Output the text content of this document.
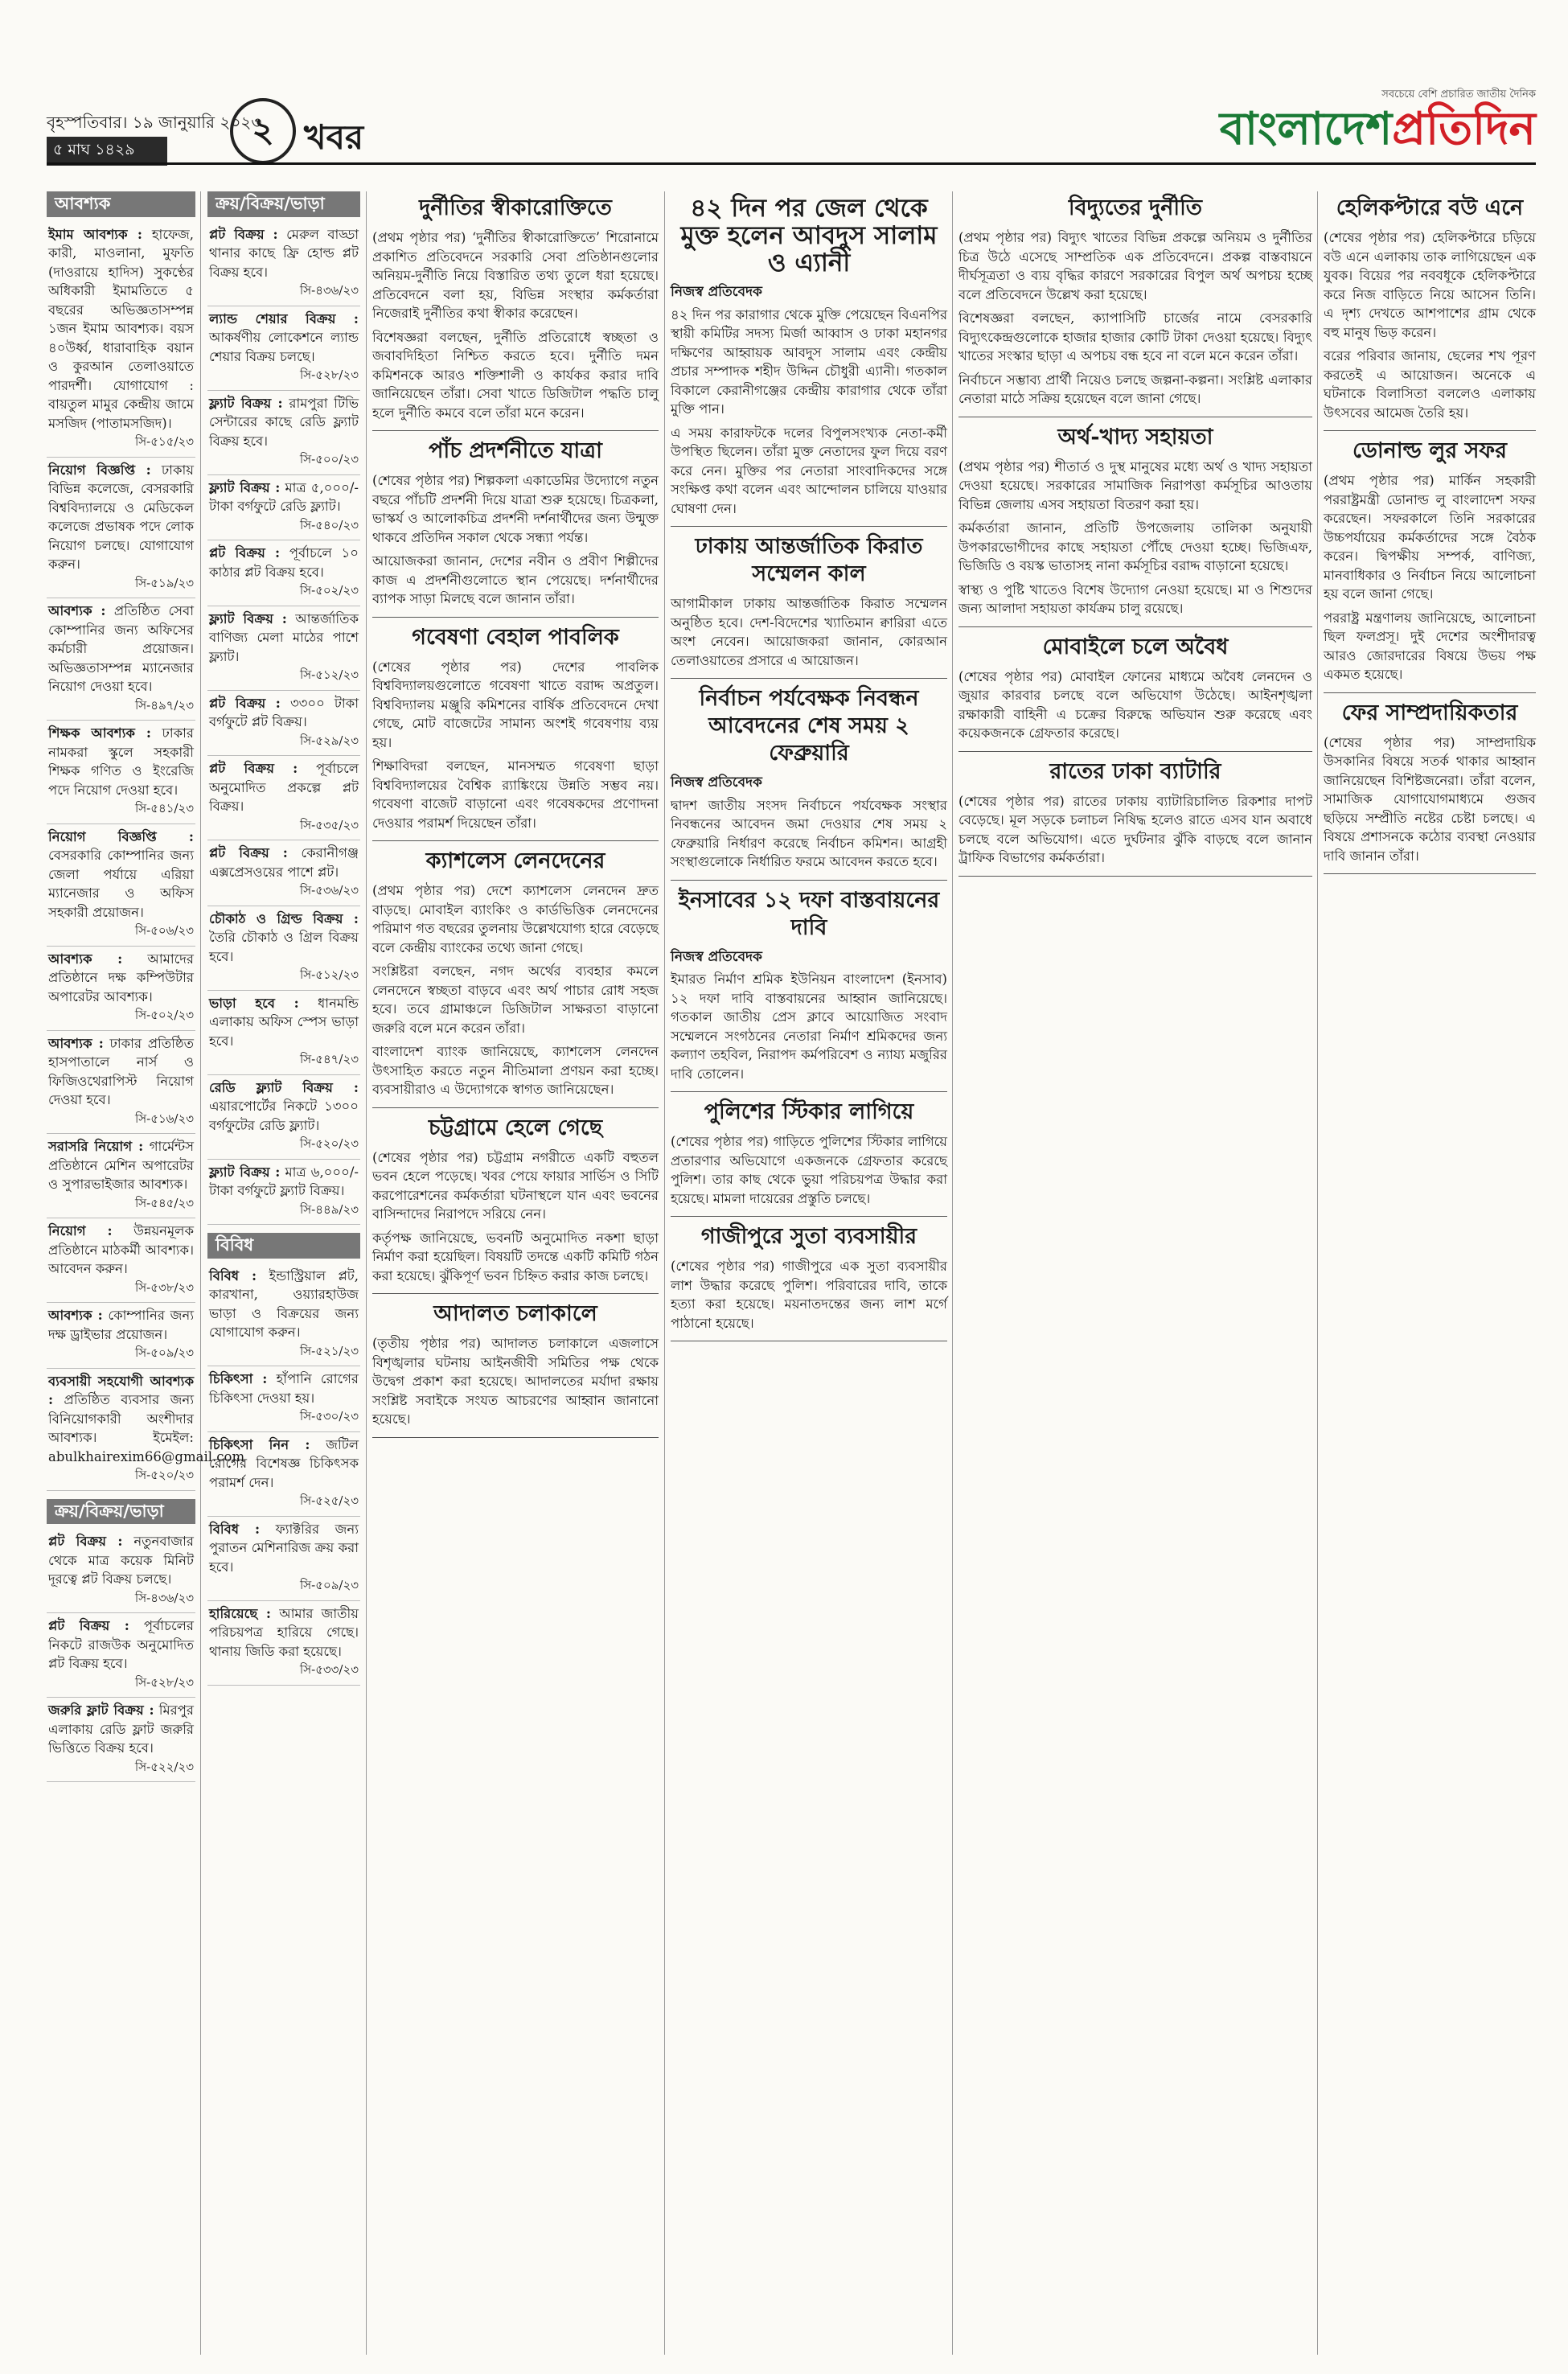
বৃহস্পতিবার। ১৯ জানুয়ারি ২০২৩
৫ মাঘ ১৪২৯	২ খবর
সবচেয়ে বেশি প্রচারিত জাতীয় দৈনিক
বাংলাদেশপ্রতিদিন
আবশ্যক

ইমাম আবশ্যক : হাফেজ, কারী, মাওলানা, মুফতি (দাওরায়ে হাদিস) সুকণ্ঠের অধিকারী ইমামতিতে ৫ বছরের অভিজ্ঞতাসম্পন্ন ১জন ইমাম আবশ্যক। বয়স ৪০উর্ধ্ব, ধারাবাহিক বয়ান ও কুরআন তেলাওয়াতে পারদর্শী। যোগাযোগ : বায়তুল মামুর কেন্দ্রীয় জামে মসজিদ (পাতামসজিদ)।
সি-৫১৫/২৩

নিয়োগ বিজ্ঞপ্তি : ঢাকায় বিভিন্ন কলেজে, বেসরকারি বিশ্ববিদ্যালয়ে ও মেডিকেল কলেজে প্রভাষক পদে লোক নিয়োগ চলছে। যোগাযোগ করুন।
সি-৫১৯/২৩

আবশ্যক : প্রতিষ্ঠিত সেবা কোম্পানির জন্য অফিসের কর্মচারী প্রয়োজন। অভিজ্ঞতাসম্পন্ন ম্যানেজার নিয়োগ দেওয়া হবে।
সি-৪৯৭/২৩

শিক্ষক আবশ্যক : ঢাকার নামকরা স্কুলে সহকারী শিক্ষক গণিত ও ইংরেজি পদে নিয়োগ দেওয়া হবে।
সি-৫৪১/২৩

নিয়োগ বিজ্ঞপ্তি : বেসরকারি কোম্পানির জন্য জেলা পর্যায়ে এরিয়া ম্যানেজার ও অফিস সহকারী প্রয়োজন।
সি-৫০৬/২৩

আবশ্যক : আমাদের প্রতিষ্ঠানে দক্ষ কম্পিউটার অপারেটর আবশ্যক।
সি-৫০২/২৩

আবশ্যক : ঢাকার প্রতিষ্ঠিত হাসপাতালে নার্স ও ফিজিওথেরাপিস্ট নিয়োগ দেওয়া হবে।
সি-৫১৬/২৩

সরাসরি নিয়োগ : গার্মেন্টস প্রতিষ্ঠানে মেশিন অপারেটর ও সুপারভাইজার আবশ্যক।
সি-৫৪৫/২৩

নিয়োগ : উন্নয়নমূলক প্রতিষ্ঠানে মাঠকর্মী আবশ্যক। আবেদন করুন।
সি-৫৩৮/২৩

আবশ্যক : কোম্পানির জন্য দক্ষ ড্রাইভার প্রয়োজন।
সি-৫০৯/২৩

ব্যবসায়ী সহযোগী আবশ্যক : প্রতিষ্ঠিত ব্যবসার জন্য বিনিয়োগকারী অংশীদার আবশ্যক। ইমেইল: abulkhairexim66@gmail.com
সি-৫২০/২৩

ক্রয়/বিক্রয়/ভাড়া

প্লট বিক্রয় : নতুনবাজার থেকে মাত্র কয়েক মিনিট দূরত্বে প্লট বিক্রয় চলছে।
সি-৪৩৬/২৩

প্লট বিক্রয় : পূর্বাচলের নিকটে রাজউক অনুমোদিত প্লট বিক্রয় হবে।
সি-৫২৮/২৩

জরুরি ফ্লাট বিক্রয় : মিরপুর এলাকায় রেডি ফ্লাট জরুরি ভিত্তিতে বিক্রয় হবে।
সি-৫২২/২৩

ক্রয়/বিক্রয়/ভাড়া

প্লট বিক্রয় : মেরুল বাড্ডা থানার কাছে ফ্রি হোল্ড প্লট বিক্রয় হবে।
সি-৪৩৬/২৩

ল্যান্ড শেয়ার বিক্রয় : আকর্ষণীয় লোকেশনে ল্যান্ড শেয়ার বিক্রয় চলছে।
সি-৫২৮/২৩

ফ্ল্যাট বিক্রয় : রামপুরা টিভি সেন্টারের কাছে রেডি ফ্ল্যাট বিক্রয় হবে।
সি-৫০০/২৩

ফ্ল্যাট বিক্রয় : মাত্র ৫,০০০/- টাকা বর্গফুটে রেডি ফ্ল্যাট।
সি-৫৪০/২৩

প্লট বিক্রয় : পূর্বাচলে ১০ কাঠার প্লট বিক্রয় হবে।
সি-৫০২/২৩

ফ্ল্যাট বিক্রয় : আন্তর্জাতিক বাণিজ্য মেলা মাঠের পাশে ফ্ল্যাট।
সি-৫১২/২৩

প্লট বিক্রয় : ৩৩০০ টাকা বর্গফুটে প্লট বিক্রয়।
সি-৫২৯/২৩

প্লট বিক্রয় : পূর্বাচলে অনুমোদিত প্রকল্পে প্লট বিক্রয়।
সি-৫৩৫/২৩

প্লট বিক্রয় : কেরানীগঞ্জ এক্সপ্রেসওয়ের পাশে প্লট।
সি-৫৩৬/২৩

চৌকাঠ ও গ্রিল্ড বিক্রয় : তৈরি চৌকাঠ ও গ্রিল বিক্রয় হবে।
সি-৫১২/২৩

ভাড়া হবে : ধানমন্ডি এলাকায় অফিস স্পেস ভাড়া হবে।
সি-৫৪৭/২৩

রেডি ফ্ল্যাট বিক্রয় : এয়ারপোর্টের নিকটে ১৩০০ বর্গফুটের রেডি ফ্ল্যাট।
সি-৫২০/২৩

ফ্ল্যাট বিক্রয় : মাত্র ৬,০০০/- টাকা বর্গফুটে ফ্ল্যাট বিক্রয়।
সি-৪৪৯/২৩

বিবিধ

বিবিধ : ইন্ডাস্ট্রিয়াল প্লট, কারখানা, ওয়্যারহাউজ ভাড়া ও বিক্রয়ের জন্য যোগাযোগ করুন।
সি-৫২১/২৩

চিকিৎসা : হাঁপানি রোগের চিকিৎসা দেওয়া হয়।
সি-৫৩০/২৩

চিকিৎসা নিন : জটিল রোগের বিশেষজ্ঞ চিকিৎসক পরামর্শ দেন।
সি-৫২৫/২৩

বিবিধ : ফ্যাক্টরির জন্য পুরাতন মেশিনারিজ ক্রয় করা হবে।
সি-৫০৯/২৩

হারিয়েছে : আমার জাতীয় পরিচয়পত্র হারিয়ে গেছে। থানায় জিডি করা হয়েছে।
সি-৫৩৩/২৩

দুর্নীতির স্বীকারোক্তিতে

(প্রথম পৃষ্ঠার পর) ‘দুর্নীতির স্বীকারোক্তিতে’ শিরোনামে প্রকাশিত প্রতিবেদনে সরকারি সেবা প্রতিষ্ঠানগুলোর অনিয়ম-দুর্নীতি নিয়ে বিস্তারিত তথ্য তুলে ধরা হয়েছে। প্রতিবেদনে বলা হয়, বিভিন্ন সংস্থার কর্মকর্তারা নিজেরাই দুর্নীতির কথা স্বীকার করেছেন।

বিশেষজ্ঞরা বলছেন, দুর্নীতি প্রতিরোধে স্বচ্ছতা ও জবাবদিহিতা নিশ্চিত করতে হবে। দুর্নীতি দমন কমিশনকে আরও শক্তিশালী ও কার্যকর করার দাবি জানিয়েছেন তাঁরা। সেবা খাতে ডিজিটাল পদ্ধতি চালু হলে দুর্নীতি কমবে বলে তাঁরা মনে করেন।

পাঁচ প্রদর্শনীতে যাত্রা

(শেষের পৃষ্ঠার পর) শিল্পকলা একাডেমির উদ্যোগে নতুন বছরে পাঁচটি প্রদর্শনী দিয়ে যাত্রা শুরু হয়েছে। চিত্রকলা, ভাস্কর্য ও আলোকচিত্র প্রদর্শনী দর্শনার্থীদের জন্য উন্মুক্ত থাকবে প্রতিদিন সকাল থেকে সন্ধ্যা পর্যন্ত।

আয়োজকরা জানান, দেশের নবীন ও প্রবীণ শিল্পীদের কাজ এ প্রদর্শনীগুলোতে স্থান পেয়েছে। দর্শনার্থীদের ব্যাপক সাড়া মিলছে বলে জানান তাঁরা।

গবেষণা বেহাল পাবলিক

(শেষের পৃষ্ঠার পর) দেশের পাবলিক বিশ্ববিদ্যালয়গুলোতে গবেষণা খাতে বরাদ্দ অপ্রতুল। বিশ্ববিদ্যালয় মঞ্জুরি কমিশনের বার্ষিক প্রতিবেদনে দেখা গেছে, মোট বাজেটের সামান্য অংশই গবেষণায় ব্যয় হয়।

শিক্ষাবিদরা বলছেন, মানসম্মত গবেষণা ছাড়া বিশ্ববিদ্যালয়ের বৈশ্বিক র‍্যাঙ্কিংয়ে উন্নতি সম্ভব নয়। গবেষণা বাজেট বাড়ানো এবং গবেষকদের প্রণোদনা দেওয়ার পরামর্শ দিয়েছেন তাঁরা।

ক্যাশলেস লেনদেনের

(প্রথম পৃষ্ঠার পর) দেশে ক্যাশলেস লেনদেন দ্রুত বাড়ছে। মোবাইল ব্যাংকিং ও কার্ডভিত্তিক লেনদেনের পরিমাণ গত বছরের তুলনায় উল্লেখযোগ্য হারে বেড়েছে বলে কেন্দ্রীয় ব্যাংকের তথ্যে জানা গেছে।

সংশ্লিষ্টরা বলছেন, নগদ অর্থের ব্যবহার কমলে লেনদেনে স্বচ্ছতা বাড়বে এবং অর্থ পাচার রোধ সহজ হবে। তবে গ্রামাঞ্চলে ডিজিটাল সাক্ষরতা বাড়ানো জরুরি বলে মনে করেন তাঁরা।

বাংলাদেশ ব্যাংক জানিয়েছে, ক্যাশলেস লেনদেন উৎসাহিত করতে নতুন নীতিমালা প্রণয়ন করা হচ্ছে। ব্যবসায়ীরাও এ উদ্যোগকে স্বাগত জানিয়েছেন।

চট্টগ্রামে হেলে গেছে

(শেষের পৃষ্ঠার পর) চট্টগ্রাম নগরীতে একটি বহুতল ভবন হেলে পড়েছে। খবর পেয়ে ফায়ার সার্ভিস ও সিটি করপোরেশনের কর্মকর্তারা ঘটনাস্থলে যান এবং ভবনের বাসিন্দাদের নিরাপদে সরিয়ে নেন।

কর্তৃপক্ষ জানিয়েছে, ভবনটি অনুমোদিত নকশা ছাড়া নির্মাণ করা হয়েছিল। বিষয়টি তদন্তে একটি কমিটি গঠন করা হয়েছে। ঝুঁকিপূর্ণ ভবন চিহ্নিত করার কাজ চলছে।

আদালত চলাকালে

(তৃতীয় পৃষ্ঠার পর) আদালত চলাকালে এজলাসে বিশৃঙ্খলার ঘটনায় আইনজীবী সমিতির পক্ষ থেকে উদ্বেগ প্রকাশ করা হয়েছে। আদালতের মর্যাদা রক্ষায় সংশ্লিষ্ট সবাইকে সংযত আচরণের আহ্বান জানানো হয়েছে।

৪২ দিন পর জেল থেকে মুক্ত হলেন আবদুস সালাম ও এ্যানী
নিজস্ব প্রতিবেদক

৪২ দিন পর কারাগার থেকে মুক্তি পেয়েছেন বিএনপির স্থায়ী কমিটির সদস্য মির্জা আব্বাস ও ঢাকা মহানগর দক্ষিণের আহ্বায়ক আবদুস সালাম এবং কেন্দ্রীয় প্রচার সম্পাদক শহীদ উদ্দিন চৌধুরী এ্যানী। গতকাল বিকালে কেরানীগঞ্জের কেন্দ্রীয় কারাগার থেকে তাঁরা মুক্তি পান।

এ সময় কারাফটকে দলের বিপুলসংখ্যক নেতা-কর্মী উপস্থিত ছিলেন। তাঁরা মুক্ত নেতাদের ফুল দিয়ে বরণ করে নেন। মুক্তির পর নেতারা সাংবাদিকদের সঙ্গে সংক্ষিপ্ত কথা বলেন এবং আন্দোলন চালিয়ে যাওয়ার ঘোষণা দেন।

ঢাকায় আন্তর্জাতিক কিরাত সম্মেলন কাল

আগামীকাল ঢাকায় আন্তর্জাতিক কিরাত সম্মেলন অনুষ্ঠিত হবে। দেশ-বিদেশের খ্যাতিমান ক্বারিরা এতে অংশ নেবেন। আয়োজকরা জানান, কোরআন তেলাওয়াতের প্রসারে এ আয়োজন।

নির্বাচন পর্যবেক্ষক নিবন্ধন আবেদনের শেষ সময় ২ ফেব্রুয়ারি
নিজস্ব প্রতিবেদক

দ্বাদশ জাতীয় সংসদ নির্বাচনে পর্যবেক্ষক সংস্থার নিবন্ধনের আবেদন জমা দেওয়ার শেষ সময় ২ ফেব্রুয়ারি নির্ধারণ করেছে নির্বাচন কমিশন। আগ্রহী সংস্থাগুলোকে নির্ধারিত ফরমে আবেদন করতে হবে।

ইনসাবের ১২ দফা বাস্তবায়নের দাবি
নিজস্ব প্রতিবেদক

ইমারত নির্মাণ শ্রমিক ইউনিয়ন বাংলাদেশ (ইনসাব) ১২ দফা দাবি বাস্তবায়নের আহ্বান জানিয়েছে। গতকাল জাতীয় প্রেস ক্লাবে আয়োজিত সংবাদ সম্মেলনে সংগঠনের নেতারা নির্মাণ শ্রমিকদের জন্য কল্যাণ তহবিল, নিরাপদ কর্মপরিবেশ ও ন্যায্য মজুরির দাবি তোলেন।

পুলিশের স্টিকার লাগিয়ে

(শেষের পৃষ্ঠার পর) গাড়িতে পুলিশের স্টিকার লাগিয়ে প্রতারণার অভিযোগে একজনকে গ্রেফতার করেছে পুলিশ। তার কাছ থেকে ভুয়া পরিচয়পত্র উদ্ধার করা হয়েছে। মামলা দায়েরের প্রস্তুতি চলছে।

গাজীপুরে সুতা ব্যবসায়ীর

(শেষের পৃষ্ঠার পর) গাজীপুরে এক সুতা ব্যবসায়ীর লাশ উদ্ধার করেছে পুলিশ। পরিবারের দাবি, তাকে হত্যা করা হয়েছে। ময়নাতদন্তের জন্য লাশ মর্গে পাঠানো হয়েছে।

বিদ্যুতের দুর্নীতি

(প্রথম পৃষ্ঠার পর) বিদ্যুৎ খাতের বিভিন্ন প্রকল্পে অনিয়ম ও দুর্নীতির চিত্র উঠে এসেছে সাম্প্রতিক এক প্রতিবেদনে। প্রকল্প বাস্তবায়নে দীর্ঘসূত্রতা ও ব্যয় বৃদ্ধির কারণে সরকারের বিপুল অর্থ অপচয় হচ্ছে বলে প্রতিবেদনে উল্লেখ করা হয়েছে।

বিশেষজ্ঞরা বলছেন, ক্যাপাসিটি চার্জের নামে বেসরকারি বিদ্যুৎকেন্দ্রগুলোকে হাজার হাজার কোটি টাকা দেওয়া হয়েছে। বিদ্যুৎ খাতের সংস্কার ছাড়া এ অপচয় বন্ধ হবে না বলে মনে করেন তাঁরা।

নির্বাচনে সম্ভাব্য প্রার্থী নিয়েও চলছে জল্পনা-কল্পনা। সংশ্লিষ্ট এলাকার নেতারা মাঠে সক্রিয় হয়েছেন বলে জানা গেছে।

অর্থ-খাদ্য সহায়তা

(প্রথম পৃষ্ঠার পর) শীতার্ত ও দুস্থ মানুষের মধ্যে অর্থ ও খাদ্য সহায়তা দেওয়া হয়েছে। সরকারের সামাজিক নিরাপত্তা কর্মসূচির আওতায় বিভিন্ন জেলায় এসব সহায়তা বিতরণ করা হয়।

কর্মকর্তারা জানান, প্রতিটি উপজেলায় তালিকা অনুযায়ী উপকারভোগীদের কাছে সহায়তা পৌঁছে দেওয়া হচ্ছে। ভিজিএফ, ভিজিডি ও বয়স্ক ভাতাসহ নানা কর্মসূচির বরাদ্দ বাড়ানো হয়েছে।

স্বাস্থ্য ও পুষ্টি খাতেও বিশেষ উদ্যোগ নেওয়া হয়েছে। মা ও শিশুদের জন্য আলাদা সহায়তা কার্যক্রম চালু রয়েছে।

মোবাইলে চলে অবৈধ

(শেষের পৃষ্ঠার পর) মোবাইল ফোনের মাধ্যমে অবৈধ লেনদেন ও জুয়ার কারবার চলছে বলে অভিযোগ উঠেছে। আইনশৃঙ্খলা রক্ষাকারী বাহিনী এ চক্রের বিরুদ্ধে অভিযান শুরু করেছে এবং কয়েকজনকে গ্রেফতার করেছে।

রাতের ঢাকা ব্যাটারি

(শেষের পৃষ্ঠার পর) রাতের ঢাকায় ব্যাটারিচালিত রিকশার দাপট বেড়েছে। মূল সড়কে চলাচল নিষিদ্ধ হলেও রাতে এসব যান অবাধে চলছে বলে অভিযোগ। এতে দুর্ঘটনার ঝুঁকি বাড়ছে বলে জানান ট্রাফিক বিভাগের কর্মকর্তারা।

হেলিকপ্টারে বউ এনে

(শেষের পৃষ্ঠার পর) হেলিকপ্টারে চড়িয়ে বউ এনে এলাকায় তাক লাগিয়েছেন এক যুবক। বিয়ের পর নববধূকে হেলিকপ্টারে করে নিজ বাড়িতে নিয়ে আসেন তিনি। এ দৃশ্য দেখতে আশপাশের গ্রাম থেকে বহু মানুষ ভিড় করেন।

বরের পরিবার জানায়, ছেলের শখ পূরণ করতেই এ আয়োজন। অনেকে এ ঘটনাকে বিলাসিতা বললেও এলাকায় উৎসবের আমেজ তৈরি হয়।

ডোনাল্ড লুর সফর

(প্রথম পৃষ্ঠার পর) মার্কিন সহকারী পররাষ্ট্রমন্ত্রী ডোনাল্ড লু বাংলাদেশ সফর করেছেন। সফরকালে তিনি সরকারের উচ্চপর্যায়ের কর্মকর্তাদের সঙ্গে বৈঠক করেন। দ্বিপক্ষীয় সম্পর্ক, বাণিজ্য, মানবাধিকার ও নির্বাচন নিয়ে আলোচনা হয় বলে জানা গেছে।

পররাষ্ট্র মন্ত্রণালয় জানিয়েছে, আলোচনা ছিল ফলপ্রসূ। দুই দেশের অংশীদারত্ব আরও জোরদারের বিষয়ে উভয় পক্ষ একমত হয়েছে।

ফের সাম্প্রদায়িকতার

(শেষের পৃষ্ঠার পর) সাম্প্রদায়িক উসকানির বিষয়ে সতর্ক থাকার আহ্বান জানিয়েছেন বিশিষ্টজনেরা। তাঁরা বলেন, সামাজিক যোগাযোগমাধ্যমে গুজব ছড়িয়ে সম্প্রীতি নষ্টের চেষ্টা চলছে। এ বিষয়ে প্রশাসনকে কঠোর ব্যবস্থা নেওয়ার দাবি জানান তাঁরা।
